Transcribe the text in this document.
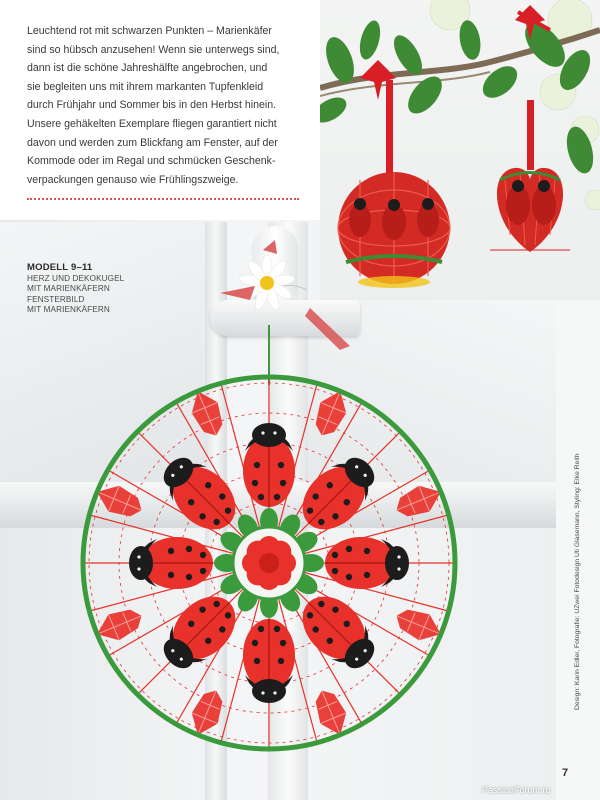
Leuchtend rot mit schwarzen Punkten – Marienkäfer
sind so hübsch anzusehen! Wenn sie unterwegs sind,
dann ist die schöne Jahreshälfte angebrochen, und
sie begleiten uns mit ihrem markanten Tupfenkleid
durch Frühjahr und Sommer bis in den Herbst hinein.
Unsere gehäkelten Exemplare fliegen garantiert nicht
davon und werden zum Blickfang am Fenster, auf der
Kommode oder im Regal und schmücken Geschenk-
verpackungen genauso wie Frühlingszweige.

MODELL 9–11
HERZ UND DEKOKUGEL
MIT MARIENKÄFERN
FENSTERBILD
MIT MARIENKÄFERN
Design: Karin Edler, Fotografie: UZwei Fotodesign Uli Glasemann, Styling: Elke Reith
7
PassionForum.ru
